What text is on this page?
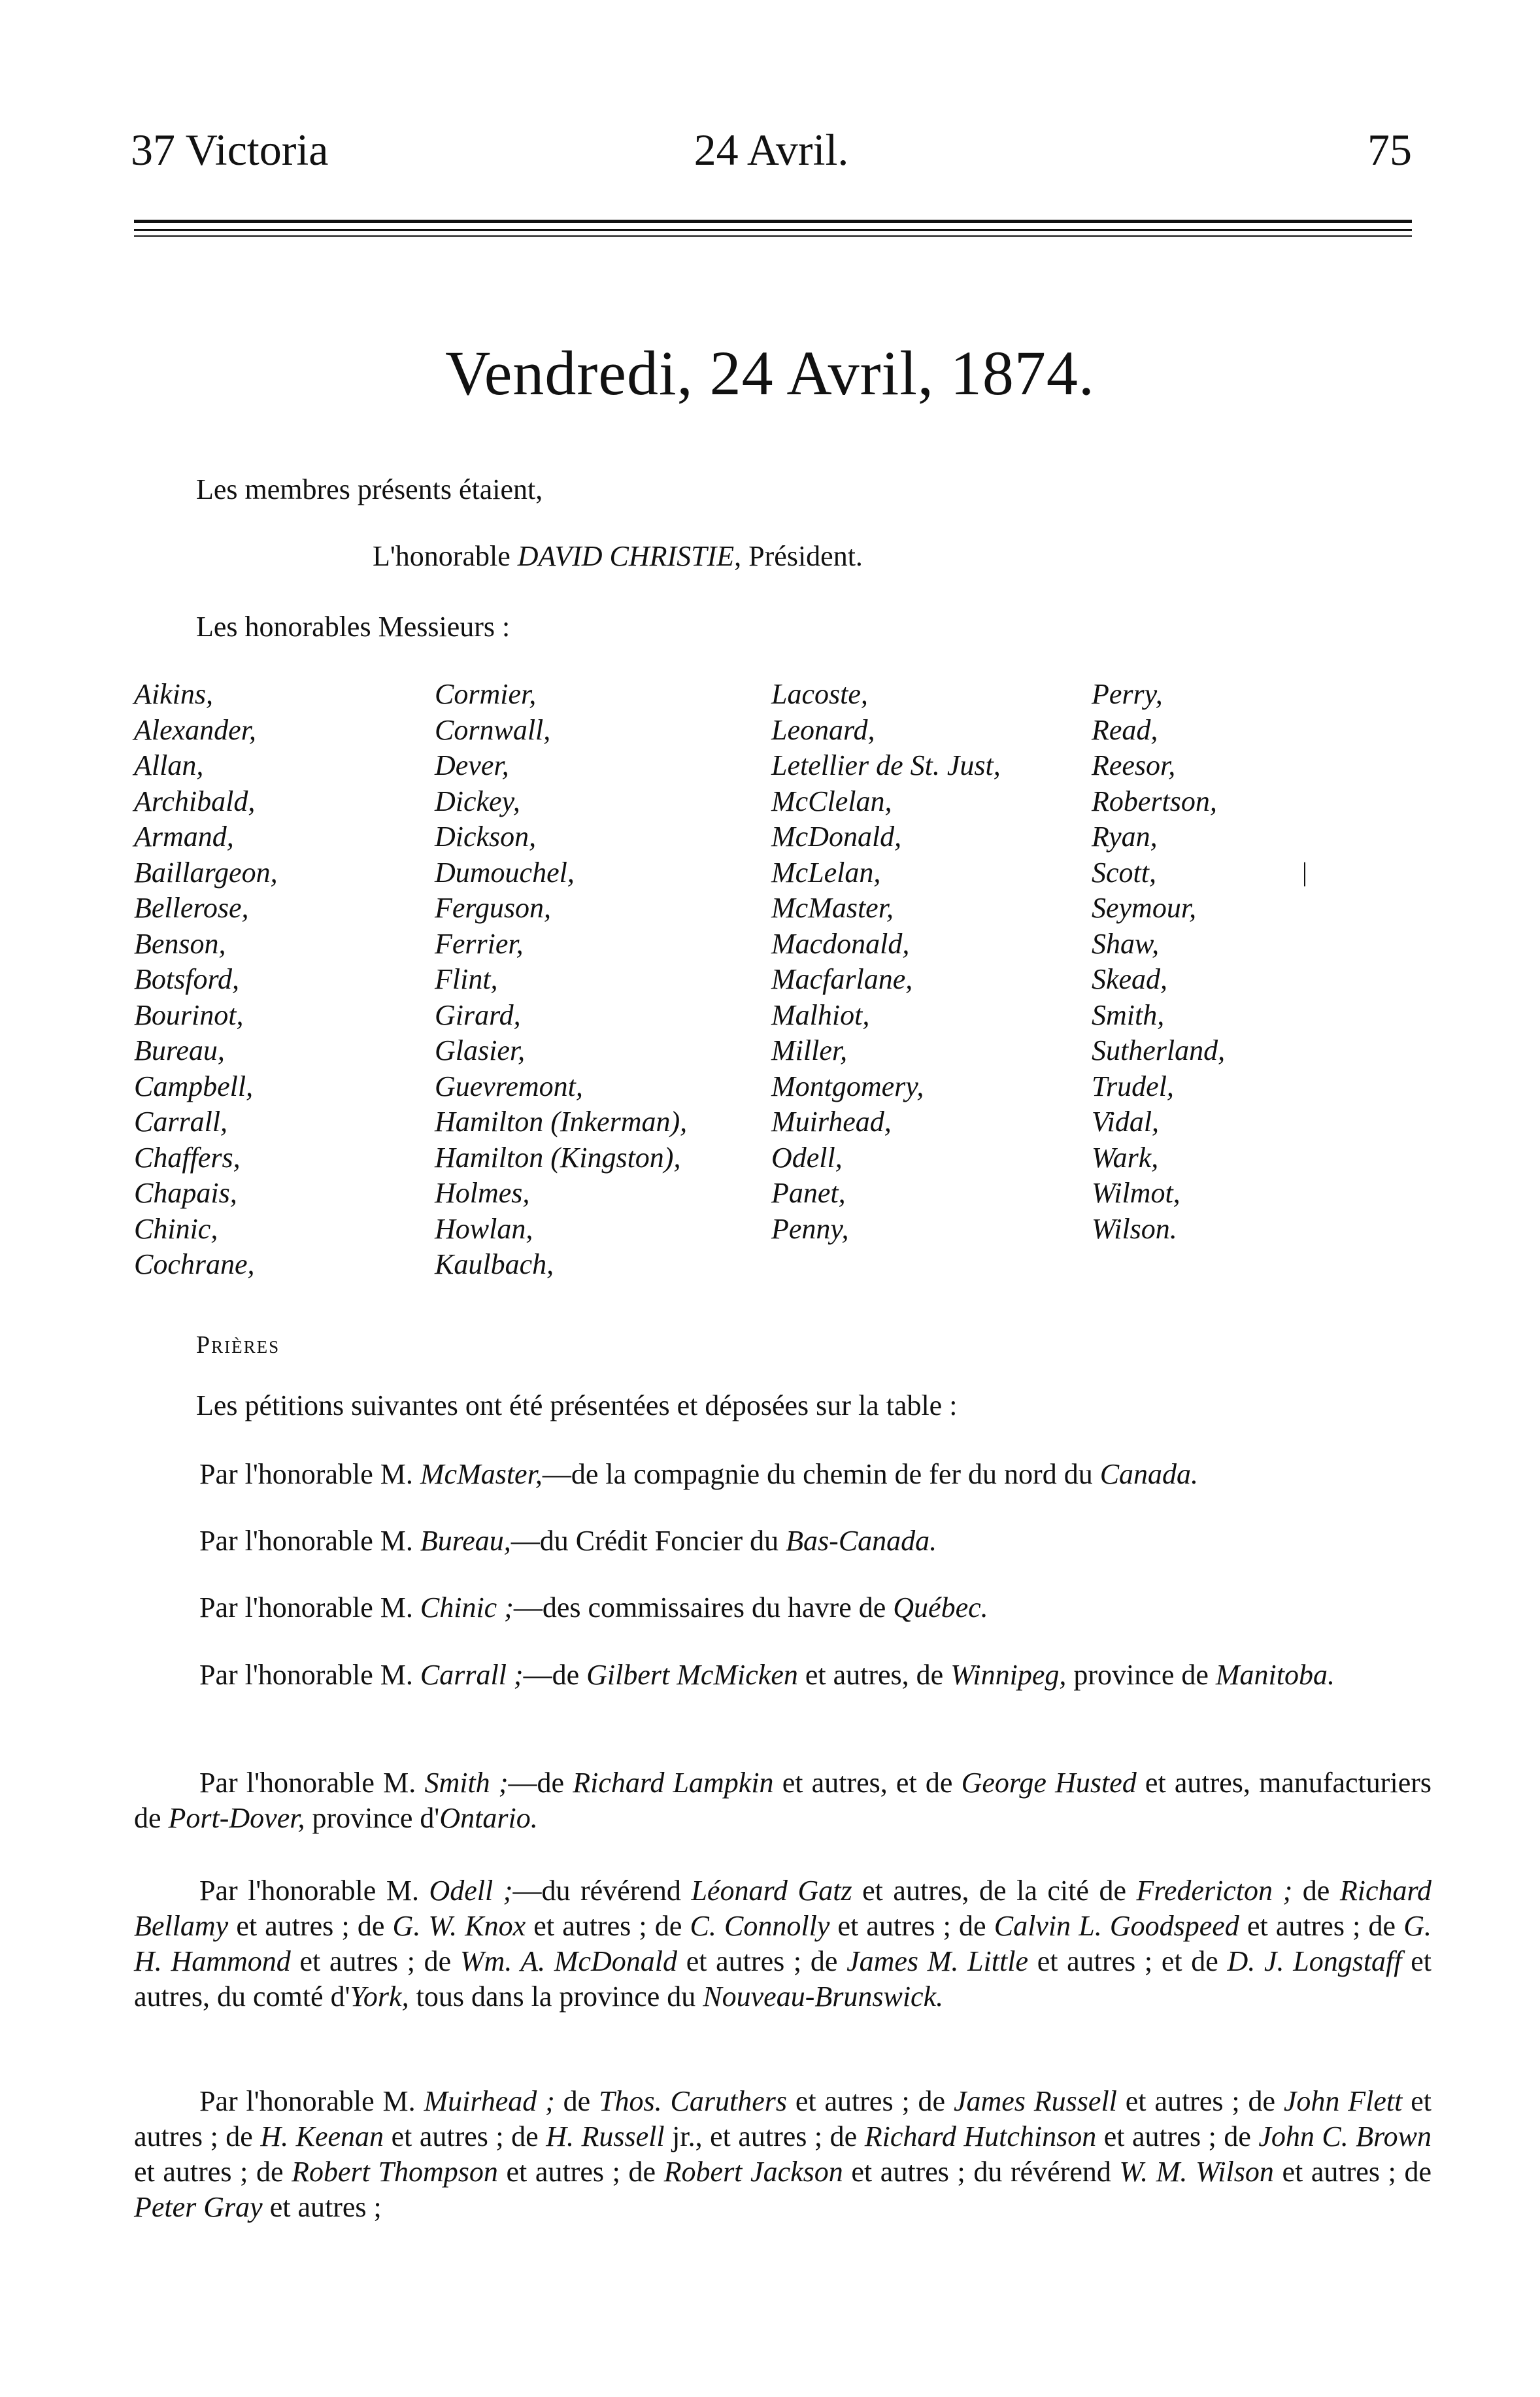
37 Victoria	24 Avril.	75
Vendredi, 24 Avril, 1874.
Les membres présents étaient,
L'honorable DAVID CHRISTIE, Président.
Les honorables Messieurs :
Aikins,
Alexander,
Allan,
Archibald,
Armand,
Baillargeon,
Bellerose,
Benson,
Botsford,
Bourinot,
Bureau,
Campbell,
Carrall,
Chaffers,
Chapais,
Chinic,
Cochrane,
Cormier,
Cornwall,
Dever,
Dickey,
Dickson,
Dumouchel,
Ferguson,
Ferrier,
Flint,
Girard,
Glasier,
Guevremont,
Hamilton (Inkerman),
Hamilton (Kingston),
Holmes,
Howlan,
Kaulbach,
Lacoste,
Leonard,
Letellier de St. Just,
McClelan,
McDonald,
McLelan,
McMaster,
Macdonald,
Macfarlane,
Malhiot,
Miller,
Montgomery,
Muirhead,
Odell,
Panet,
Penny,
Perry,
Read,
Reesor,
Robertson,
Ryan,
Scott,
Seymour,
Shaw,
Skead,
Smith,
Sutherland,
Trudel,
Vidal,
Wark,
Wilmot,
Wilson.
|
Prières
Les pétitions suivantes ont été présentées et déposées sur la table :
Par l'honorable M. McMaster,—de la compagnie du chemin de fer du nord du Canada.
Par l'honorable M. Bureau,—du Crédit Foncier du Bas-Canada.
Par l'honorable M. Chinic ;—des commissaires du havre de Québec.
Par l'honorable M. Carrall ;—de Gilbert McMicken et autres, de Winnipeg, province de Manitoba.
Par l'honorable M. Smith ;—de Richard Lampkin et autres, et de George Husted et autres, manufacturiers de Port-Dover, province d'Ontario.
Par l'honorable M. Odell ;—du révérend Léonard Gatz et autres, de la cité de Fredericton ; de Richard Bellamy et autres ; de G. W. Knox et autres ; de C. Connolly et autres ; de Calvin L. Goodspeed et autres ; de G. H. Hammond et autres ; de Wm. A. McDonald et autres ; de James M. Little et autres ; et de D. J. Longstaff et autres, du comté d'York, tous dans la province du Nouveau-Brunswick.
Par l'honorable M. Muirhead ; de Thos. Caruthers et autres ; de James Russell et autres ; de John Flett et autres ; de H. Keenan et autres ; de H. Russell jr., et autres ; de Richard Hutchinson et autres ; de John C. Brown et autres ; de Robert Thompson et autres ; de Robert Jackson et autres ; du révérend W. M. Wilson et autres ; de Peter Gray et autres ;
